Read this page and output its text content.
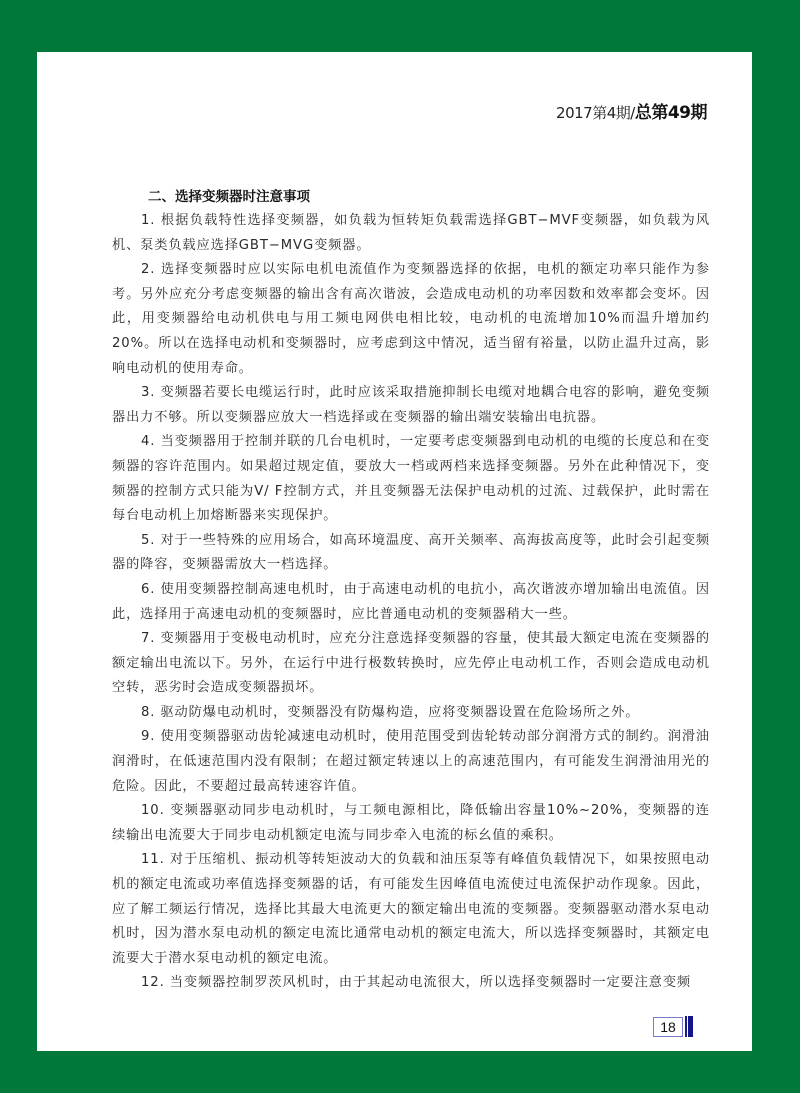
2017第4期/总第49期
二、选择变频器时注意事项

1. 根据负载特性选择变频器，如负载为恒转矩负载需选择GBT−MVF变频器，如负载为风机、泵类负载应选择GBT−MVG变频器。

2. 选择变频器时应以实际电机电流值作为变频器选择的依据，电机的额定功率只能作为参考。另外应充分考虑变频器的输出含有高次谐波，会造成电动机的功率因数和效率都会变坏。因此，用变频器给电动机供电与用工频电网供电相比较，电动机的电流增加10%而温升增加约20%。所以在选择电动机和变频器时，应考虑到这中情况，适当留有裕量，以防止温升过高，影响电动机的使用寿命。

3. 变频器若要长电缆运行时，此时应该采取措施抑制长电缆对地耦合电容的影响，避免变频器出力不够。所以变频器应放大一档选择或在变频器的输出端安装输出电抗器。

4. 当变频器用于控制并联的几台电机时，一定要考虑变频器到电动机的电缆的长度总和在变频器的容许范围内。如果超过规定值，要放大一档或两档来选择变频器。另外在此种情况下，变频器的控制方式只能为V/ F控制方式，并且变频器无法保护电动机的过流、过载保护，此时需在每台电动机上加熔断器来实现保护。

5. 对于一些特殊的应用场合，如高环境温度、高开关频率、高海拔高度等，此时会引起变频器的降容，变频器需放大一档选择。

6. 使用变频器控制高速电机时，由于高速电动机的电抗小，高次谐波亦增加输出电流值。因此，选择用于高速电动机的变频器时，应比普通电动机的变频器稍大一些。

7. 变频器用于变极电动机时，应充分注意选择变频器的容量，使其最大额定电流在变频器的额定输出电流以下。另外，在运行中进行极数转换时，应先停止电动机工作，否则会造成电动机空转，恶劣时会造成变频器损坏。

8. 驱动防爆电动机时，变频器没有防爆构造，应将变频器设置在危险场所之外。

9. 使用变频器驱动齿轮减速电动机时，使用范围受到齿轮转动部分润滑方式的制约。润滑油润滑时，在低速范围内没有限制；在超过额定转速以上的高速范围内，有可能发生润滑油用光的危险。因此，不要超过最高转速容许值。

10. 变频器驱动同步电动机时，与工频电源相比，降低输出容量10%~20%，变频器的连续输出电流要大于同步电动机额定电流与同步牵入电流的标幺值的乘积。

11. 对于压缩机、振动机等转矩波动大的负载和油压泵等有峰值负载情况下，如果按照电动机的额定电流或功率值选择变频器的话，有可能发生因峰值电流使过电流保护动作现象。因此，应了解工频运行情况，选择比其最大电流更大的额定输出电流的变频器。变频器驱动潜水泵电动机时，因为潜水泵电动机的额定电流比通常电动机的额定电流大，所以选择变频器时，其额定电流要大于潜水泵电动机的额定电流。

12. 当变频器控制罗茨风机时，由于其起动电流很大，所以选择变频器时一定要注意变频

18
